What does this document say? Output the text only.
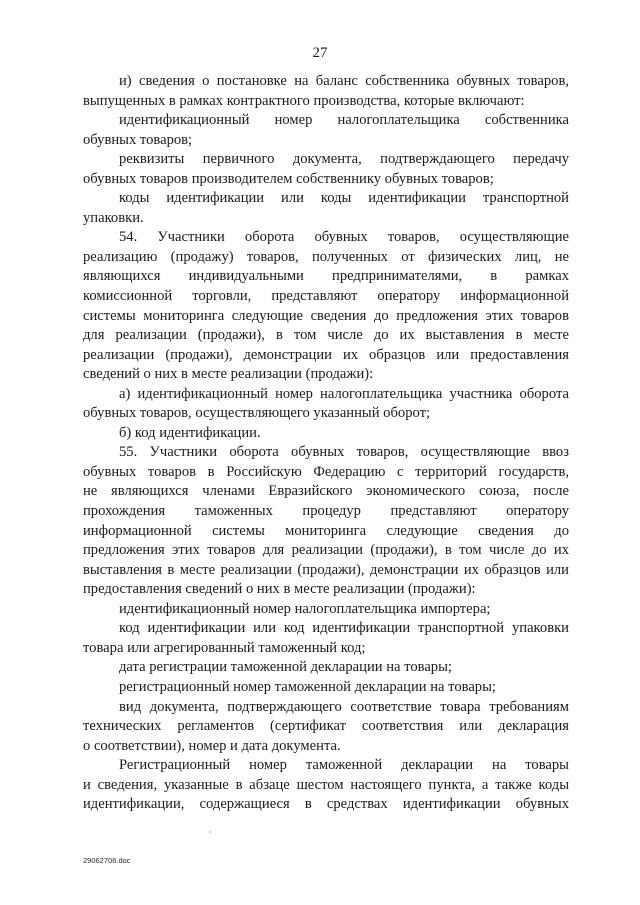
27
и) сведения о постановке на баланс собственника обувных товаров,
выпущенных в рамках контрактного производства, которые включают:
идентификационный номер налогоплательщика собственника
обувных товаров;
реквизиты первичного документа, подтверждающего передачу
обувных товаров производителем собственнику обувных товаров;
коды идентификации или коды идентификации транспортной
упаковки.
54. Участники оборота обувных товаров, осуществляющие
реализацию (продажу) товаров, полученных от физических лиц, не
являющихся индивидуальными предпринимателями, в рамках
комиссионной торговли, представляют оператору информационной
системы мониторинга следующие сведения до предложения этих товаров
для реализации (продажи), в том числе до их выставления в месте
реализации (продажи), демонстрации их образцов или предоставления
сведений о них в месте реализации (продажи):
а) идентификационный номер налогоплательщика участника оборота
обувных товаров, осуществляющего указанный оборот;
б) код идентификации.
55. Участники оборота обувных товаров, осуществляющие ввоз
обувных товаров в Российскую Федерацию с территорий государств,
не являющихся членами Евразийского экономического союза, после
прохождения таможенных процедур представляют оператору
информационной системы мониторинга следующие сведения до
предложения этих товаров для реализации (продажи), в том числе до их
выставления в месте реализации (продажи), демонстрации их образцов или
предоставления сведений о них в месте реализации (продажи):
идентификационный номер налогоплательщика импортера;
код идентификации или код идентификации транспортной упаковки
товара или агрегированный таможенный код;
дата регистрации таможенной декларации на товары;
регистрационный номер таможенной декларации на товары;
вид документа, подтверждающего соответствие товара требованиям
технических регламентов (сертификат соответствия или декларация
о соответствии), номер и дата документа.
Регистрационный номер таможенной декларации на товары
и сведения, указанные в абзаце шестом настоящего пункта, а также коды
идентификации, содержащиеся в средствах идентификации обувных
29062706.doc
